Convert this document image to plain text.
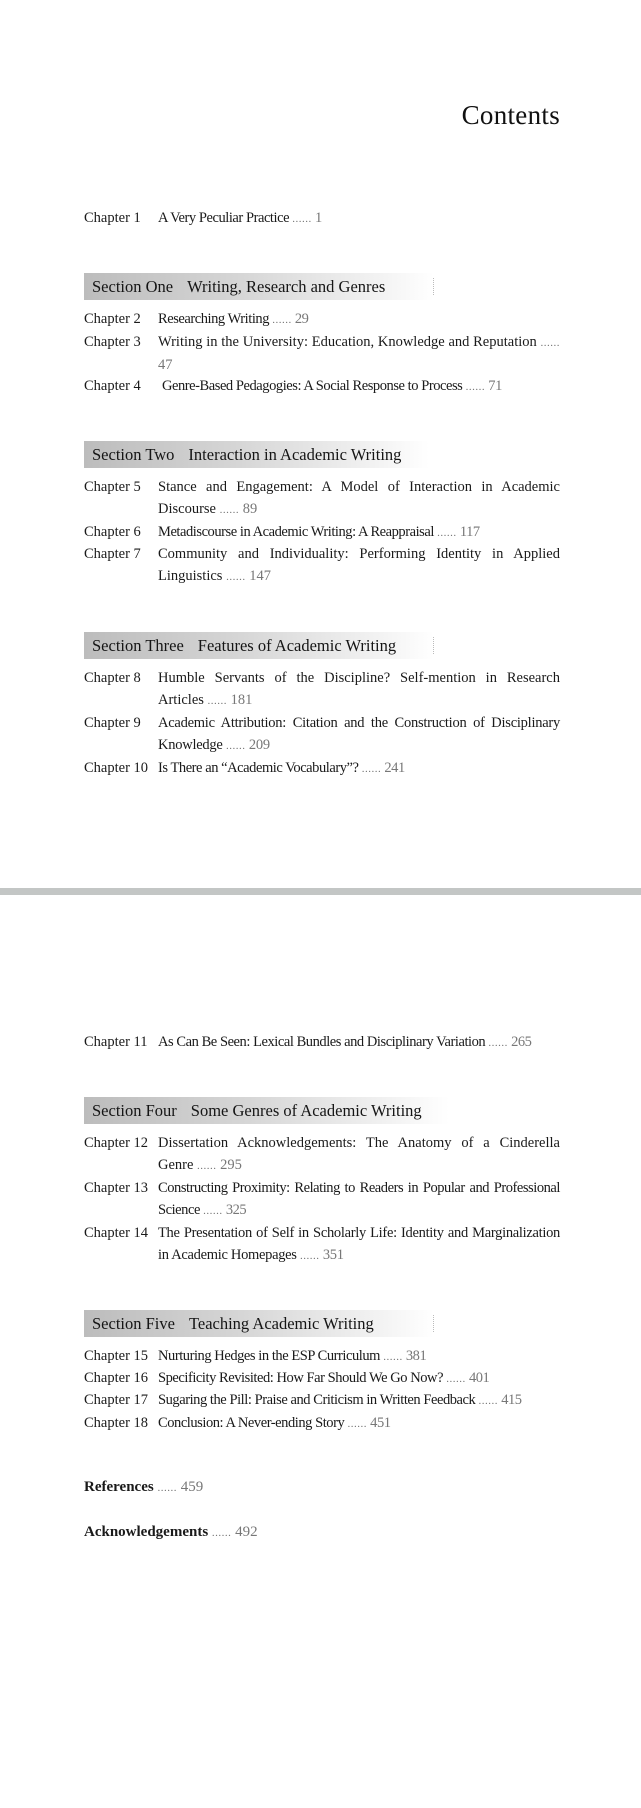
Contents
Chapter 1 A Very Peculiar Practice ...... 1
Section One Writing, Research and Genres
Chapter 2 Researching Writing ...... 29
Chapter 3 Writing in the University: Education, Knowledge and Reputation ...... 47
Chapter 4 Genre-Based Pedagogies: A Social Response to Process ...... 71
Section Two Interaction in Academic Writing
Chapter 5 Stance and Engagement: A Model of Interaction in Academic Discourse ...... 89
Chapter 6 Metadiscourse in Academic Writing: A Reappraisal ...... 117
Chapter 7 Community and Individuality: Performing Identity in Applied Linguistics ...... 147
Section Three Features of Academic Writing
Chapter 8 Humble Servants of the Discipline? Self-mention in Research Articles ...... 181
Chapter 9 Academic Attribution: Citation and the Construction of Disciplinary Knowledge ...... 209
Chapter 10 Is There an “Academic Vocabulary”? ...... 241
Chapter 11 As Can Be Seen: Lexical Bundles and Disciplinary Variation ...... 265
Section Four Some Genres of Academic Writing
Chapter 12 Dissertation Acknowledgements: The Anatomy of a Cinderella Genre ...... 295
Chapter 13 Constructing Proximity: Relating to Readers in Popular and Professional Science ...... 325
Chapter 14 The Presentation of Self in Scholarly Life: Identity and Marginalization in Academic Homepages ...... 351
Section Five Teaching Academic Writing
Chapter 15 Nurturing Hedges in the ESP Curriculum ...... 381
Chapter 16 Specificity Revisited: How Far Should We Go Now? ...... 401
Chapter 17 Sugaring the Pill: Praise and Criticism in Written Feedback ...... 415
Chapter 18 Conclusion: A Never-ending Story ...... 451
References ...... 459
Acknowledgements ...... 492
